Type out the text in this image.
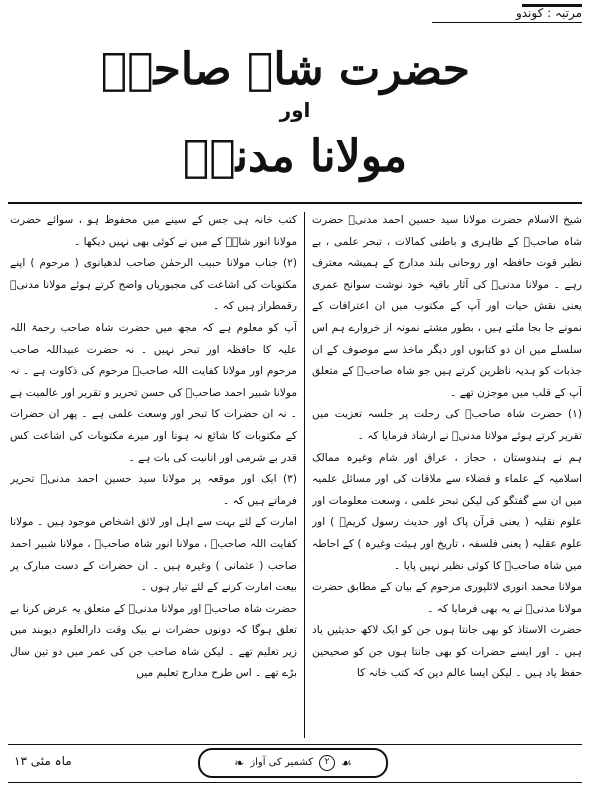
مرتبہ : کوندو
حضرت شاہ صاحبؒ
اور
مولانا مدنیؒ

شیخ الاسلام حضرت مولانا سید حسین احمد مدنیؒ حضرت شاہ صاحبؒ کے ظاہری و باطنی کمالات ، تبحر علمی ، بے نظیر قوت حافظہ اور روحانی بلند مدارج کے ہمیشہ معترف رہے ۔ مولانا مدنیؒ کی آثار باقیہ خود نوشت سوانح عمری یعنی نقش حیات اور آپ کے مکتوب میں ان اعترافات کے نمونے جا بجا ملتے ہیں ، بطور مشتے نمونہ از خروارے ہم اس سلسلے میں ان دو کتابوں اور دیگر ماخذ سے موصوف کے ان جذبات کو ہدیہ ناظرین کرتے ہیں جو شاہ صاحبؒ کے متعلق آپ کے قلب میں موجزن تھے ۔

(۱) حضرت شاہ صاحبؒ کی رحلت پر جلسہ تعزیت میں تقریر کرتے ہوئے مولانا مدنیؒ نے ارشاد فرمایا کہ ۔

ہم نے ہندوستان ، حجاز ، عراق اور شام وغیرہ ممالک اسلامیہ کے علماء و فضلاء سے ملاقات کی اور مسائل علمیہ میں ان سے گفتگو کی لیکن تبحر علمی ، وسعت معلومات اور علوم نقلیہ ( یعنی قرآن پاک اور حدیث رسول کریمؐ ) اور علوم عقلیہ ( یعنی فلسفہ ، تاریخ اور ہیئت وغیرہ ) کے احاطہ میں شاہ صاحبؒ کا کوئی نظیر نہیں پایا ۔

مولانا محمد انوری لائلپوری مرحوم کے بیان کے مطابق حضرت مولانا مدنیؒ نے یہ بھی فرمایا کہ ۔

حضرت الاستاذ کو بھی جانتا ہوں جن کو ایک لاکھ حدیثیں یاد ہیں ۔ اور ایسے حضرات کو بھی جانتا ہوں جن کو صحیحین حفظ یاد ہیں ۔ لیکن ایسا عالم دین کہ کتب خانہ کا

کتب خانہ ہی جس کے سینے میں محفوظ ہو ، سوائے حضرت مولانا انور شاہؒ کے میں نے کوئی بھی نہیں دیکھا ۔

(۲) جناب مولانا حبیب الرحمٰن صاحب لدھیانوی ( مرحوم ) اپنے مکتوبات کی اشاعت کی مجبوریاں واضح کرتے ہوئے مولانا مدنیؒ رقمطراز ہیں کہ ۔

آپ کو معلوم ہے کہ مجھ میں حضرت شاہ صاحب رحمۃ اللہ علیہ کا حافظہ اور تبحر نہیں ۔ نہ حضرت عبیداللہ صاحب مرحوم اور مولانا کفایت اللہ صاحبؒ مرحوم کی ذکاوت ہے ۔ نہ مولانا شبیر احمد صاحبؒ کی حسن تحریر و تقریر اور عالمیت ہے ۔ نہ ان حضرات کا تبحر اور وسعت علمی ہے ۔ پھر ان حضرات کے مکتوبات کا شائع نہ ہونا اور میرے مکتوبات کی اشاعت کس قدر بے شرمی اور انانیت کی بات ہے ۔

(۳) ایک اور موقعہ پر مولانا سید حسین احمد مدنیؒ تحریر فرماتے ہیں کہ ۔

امارت کے لئے بہت سے اہل اور لائق اشخاص موجود ہیں ۔ مولانا کفایت اللہ صاحبؒ ، مولانا انور شاہ صاحبؒ ، مولانا شبیر احمد صاحب ( عثمانی ) وغیرہ ہیں ۔ ان حضرات کے دست مبارک پر بیعت امارت کرنے کے لئے تیار ہوں ۔

حضرت شاہ صاحبؒ اور مولانا مدنیؒ کے متعلق یہ عرض کرنا بے تعلق ہوگا کہ دونوں حضرات نے بیک وقت دارالعلوم دیوبند میں زیر تعلیم تھے ۔ لیکن شاہ صاحب جن کی عمر میں دو تین سال بڑے تھے ۔ اس طرح مدارج تعلیم میں

ماہ مئی ۱۳	❧ کشمیر کی آواز	۲ ☙
